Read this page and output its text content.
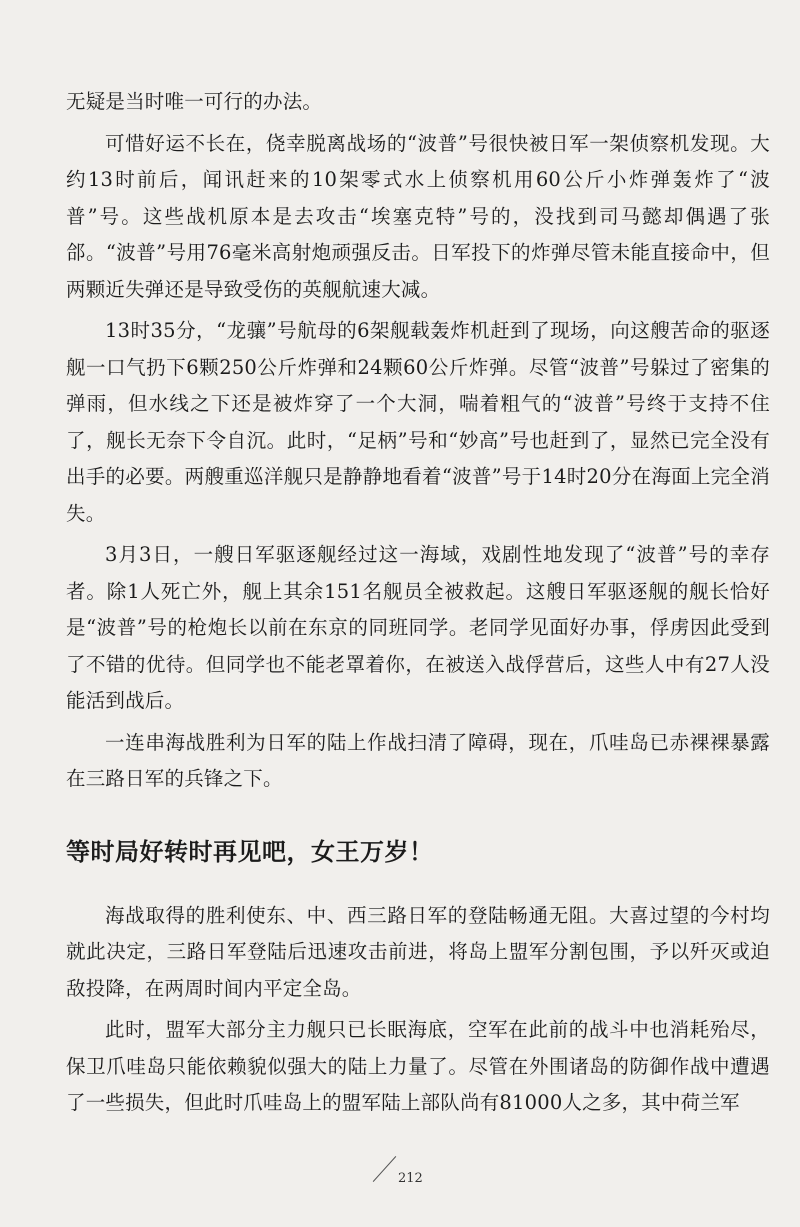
无疑是当时唯一可行的办法。

可惜好运不长在，侥幸脱离战场的“波普”号很快被日军一架侦察机发现。大约13时前后，闻讯赶来的10架零式水上侦察机用60公斤小炸弹轰炸了“波普”号。这些战机原本是去攻击“埃塞克特”号的，没找到司马懿却偶遇了张郃。“波普”号用76毫米高射炮顽强反击。日军投下的炸弹尽管未能直接命中，但两颗近失弹还是导致受伤的英舰航速大减。

13时35分，“龙骧”号航母的6架舰载轰炸机赶到了现场，向这艘苦命的驱逐舰一口气扔下6颗250公斤炸弹和24颗60公斤炸弹。尽管“波普”号躲过了密集的弹雨，但水线之下还是被炸穿了一个大洞，喘着粗气的“波普”号终于支持不住了，舰长无奈下令自沉。此时，“足柄”号和“妙高”号也赶到了，显然已完全没有出手的必要。两艘重巡洋舰只是静静地看着“波普”号于14时20分在海面上完全消失。

3月3日，一艘日军驱逐舰经过这一海域，戏剧性地发现了“波普”号的幸存者。除1人死亡外，舰上其余151名舰员全被救起。这艘日军驱逐舰的舰长恰好是“波普”号的枪炮长以前在东京的同班同学。老同学见面好办事，俘虏因此受到了不错的优待。但同学也不能老罩着你，在被送入战俘营后，这些人中有27人没能活到战后。

一连串海战胜利为日军的陆上作战扫清了障碍，现在，爪哇岛已赤裸裸暴露在三路日军的兵锋之下。

等时局好转时再见吧，女王万岁！

海战取得的胜利使东、中、西三路日军的登陆畅通无阻。大喜过望的今村均就此决定，三路日军登陆后迅速攻击前进，将岛上盟军分割包围，予以歼灭或迫敌投降，在两周时间内平定全岛。

此时，盟军大部分主力舰只已长眠海底，空军在此前的战斗中也消耗殆尽，保卫爪哇岛只能依赖貌似强大的陆上力量了。尽管在外围诸岛的防御作战中遭遇了一些损失，但此时爪哇岛上的盟军陆上部队尚有81000人之多，其中荷兰军

212
